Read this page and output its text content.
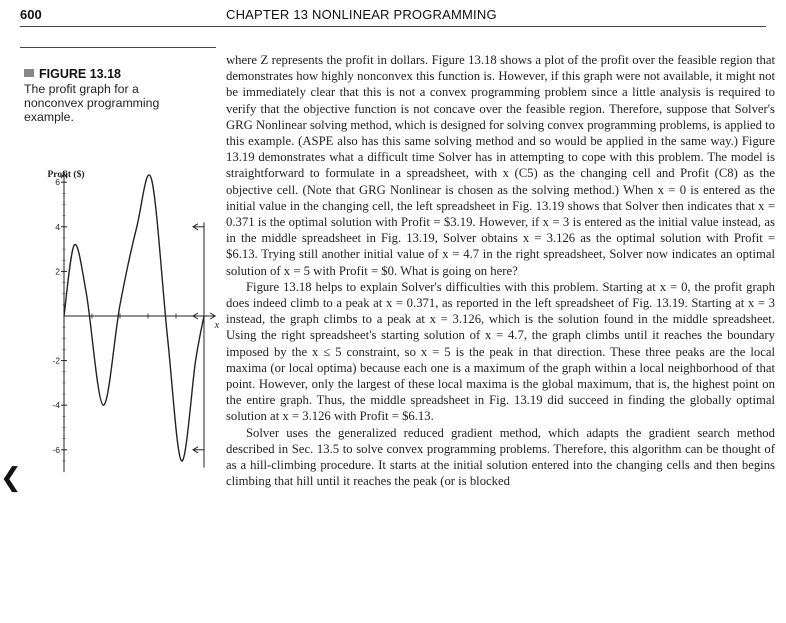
600	CHAPTER 13 NONLINEAR PROGRAMMING
FIGURE 13.18
The profit graph for a nonconvex programming example.
Profit ($)
x
6
4
2
-2
-4
-6

where Z represents the profit in dollars. Figure 13.18 shows a plot of the profit over the feasible region that demonstrates how highly nonconvex this function is. However, if this graph were not available, it might not be immediately clear that this is not a convex programming problem since a little analysis is required to verify that the objective function is not concave over the feasible region. Therefore, suppose that Solver's GRG Nonlinear solving method, which is designed for solving convex programming problems, is applied to this example. (ASPE also has this same solving method and so would be applied in the same way.) Figure 13.19 demonstrates what a difficult time Solver has in attempting to cope with this problem. The model is straightforward to formulate in a spreadsheet, with x (C5) as the changing cell and Profit (C8) as the objective cell. (Note that GRG Nonlinear is chosen as the solving method.) When x = 0 is entered as the initial value in the changing cell, the left spreadsheet in Fig. 13.19 shows that Solver then indicates that x = 0.371 is the optimal solution with Profit = $3.19. However, if x = 3 is entered as the initial value instead, as in the middle spreadsheet in Fig. 13.19, Solver obtains x = 3.126 as the optimal solution with Profit = $6.13. Trying still another initial value of x = 4.7 in the right spreadsheet, Solver now indicates an optimal solution of x = 5 with Profit = $0. What is going on here?

Figure 13.18 helps to explain Solver's difficulties with this problem. Starting at x = 0, the profit graph does indeed climb to a peak at x = 0.371, as reported in the left spreadsheet of Fig. 13.19. Starting at x = 3 instead, the graph climbs to a peak at x = 3.126, which is the solution found in the middle spreadsheet. Using the right spreadsheet's starting solution of x = 4.7, the graph climbs until it reaches the boundary imposed by the x ≤ 5 constraint, so x = 5 is the peak in that direction. These three peaks are the local maxima (or local optima) because each one is a maximum of the graph within a local neighborhood of that point. However, only the largest of these local maxima is the global maximum, that is, the highest point on the entire graph. Thus, the middle spreadsheet in Fig. 13.19 did succeed in finding the globally optimal solution at x = 3.126 with Profit = $6.13.

Solver uses the generalized reduced gradient method, which adapts the gradient search method described in Sec. 13.5 to solve convex programming problems. Therefore, this algorithm can be thought of as a hill-climbing procedure. It starts at the initial solution entered into the changing cells and then begins climbing that hill until it reaches the peak (or is blocked

❮
